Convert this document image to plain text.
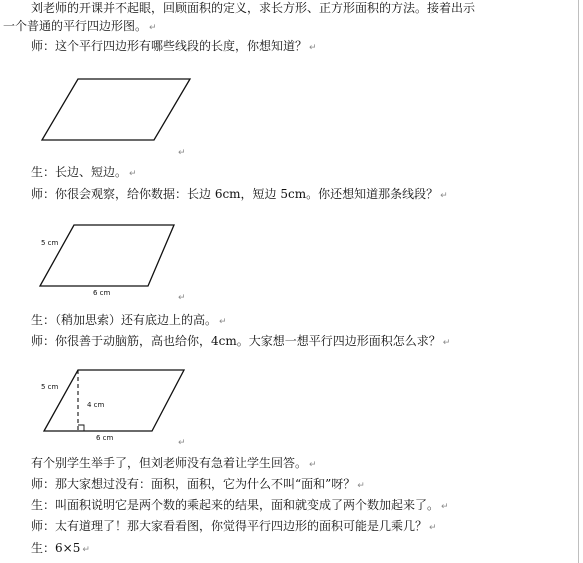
刘老师的开课并不起眼，回顾面积的定义，求长方形、正方形面积的方法。接着出示
一个普通的平行四边形图。 ↵
师：这个平行四边形有哪些线段的长度，你想知道？ ↵
↵
生：长边、短边。 ↵
师：你很会观察，给你数据：长边 6cm，短边 5cm。你还想知道那条线段？ ↵
5 cm
6 cm	↵
生：（稍加思索）还有底边上的高。 ↵
师：你很善于动脑筋，高也给你，4cm。大家想一想平行四边形面积怎么求？ ↵
5 cm
4 cm
6 cm	↵
有个别学生举手了，但刘老师没有急着让学生回答。 ↵
师：那大家想过没有：面积，面积，它为什么不叫“面和”呀？ ↵
生：叫面积说明它是两个数的乘起来的结果，面和就变成了两个数加起来了。 ↵
师：太有道理了！那大家看看图，你觉得平行四边形的面积可能是几乘几？ ↵
生：6×5 ↵
